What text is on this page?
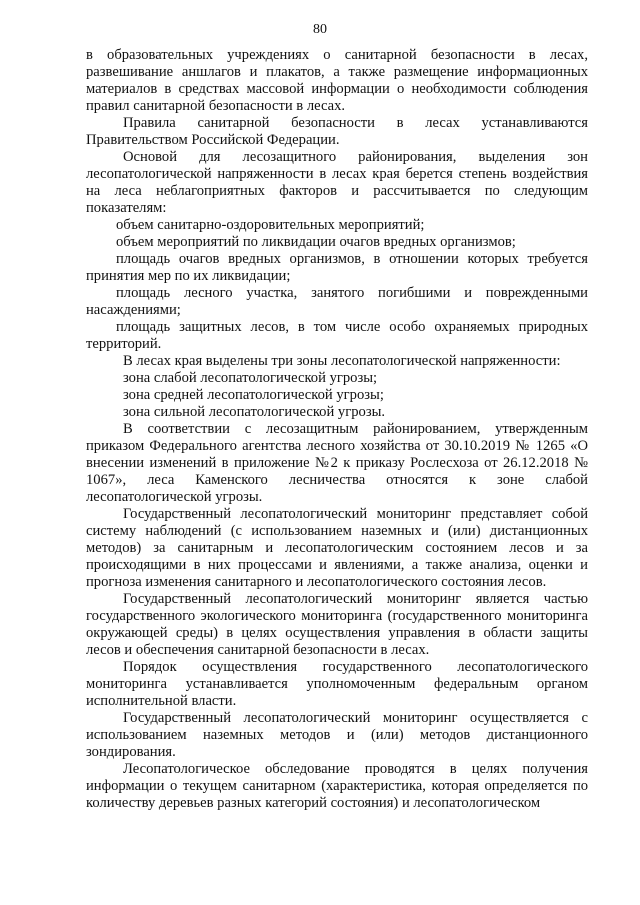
80

в образовательных учреждениях о санитарной безопасности в лесах, развешивание аншлагов и плакатов, а также размещение информационных материалов в средствах массовой информации о необходимости соблюдения правил санитарной безопасности в лесах.

Правила санитарной безопасности в лесах устанавливаются Правительством Российской Федерации.

Основой для лесозащитного районирования, выделения зон лесопатологической напряженности в лесах края берется степень воздействия на леса неблагоприятных факторов и рассчитывается по следующим показателям:

объем санитарно-оздоровительных мероприятий;

объем мероприятий по ликвидации очагов вредных организмов;

площадь очагов вредных организмов, в отношении которых требуется принятия мер по их ликвидации;

площадь лесного участка, занятого погибшими и поврежденными насаждениями;

площадь защитных лесов, в том числе особо охраняемых природных территорий.

В лесах края выделены три зоны лесопатологической напряженности:

зона слабой лесопатологической угрозы;

зона средней лесопатологической угрозы;

зона сильной лесопатологической угрозы.

В соответствии с лесозащитным районированием, утвержденным приказом Федерального агентства лесного хозяйства от 30.10.2019 № 1265 «О внесении изменений в приложение №2 к приказу Рослесхоза от 26.12.2018 № 1067», леса Каменского лесничества относятся к зоне слабой лесопатологической угрозы.

Государственный лесопатологический мониторинг представляет собой систему наблюдений (с использованием наземных и (или) дистанционных методов) за санитарным и лесопатологическим состоянием лесов и за происходящими в них процессами и явлениями, а также анализа, оценки и прогноза изменения санитарного и лесопатологического состояния лесов.

Государственный лесопатологический мониторинг является частью государственного экологического мониторинга (государственного мониторинга окружающей среды) в целях осуществления управления в области защиты лесов и обеспечения санитарной безопасности в лесах.

Порядок осуществления государственного лесопатологического мониторинга устанавливается уполномоченным федеральным органом исполнительной власти.

Государственный лесопатологический мониторинг осуществляется с использованием наземных методов и (или) методов дистанционного зондирования.

Лесопатологическое обследование проводятся в целях получения информации о текущем санитарном (характеристика, которая определяется по количеству деревьев разных категорий состояния) и лесопатологическом
